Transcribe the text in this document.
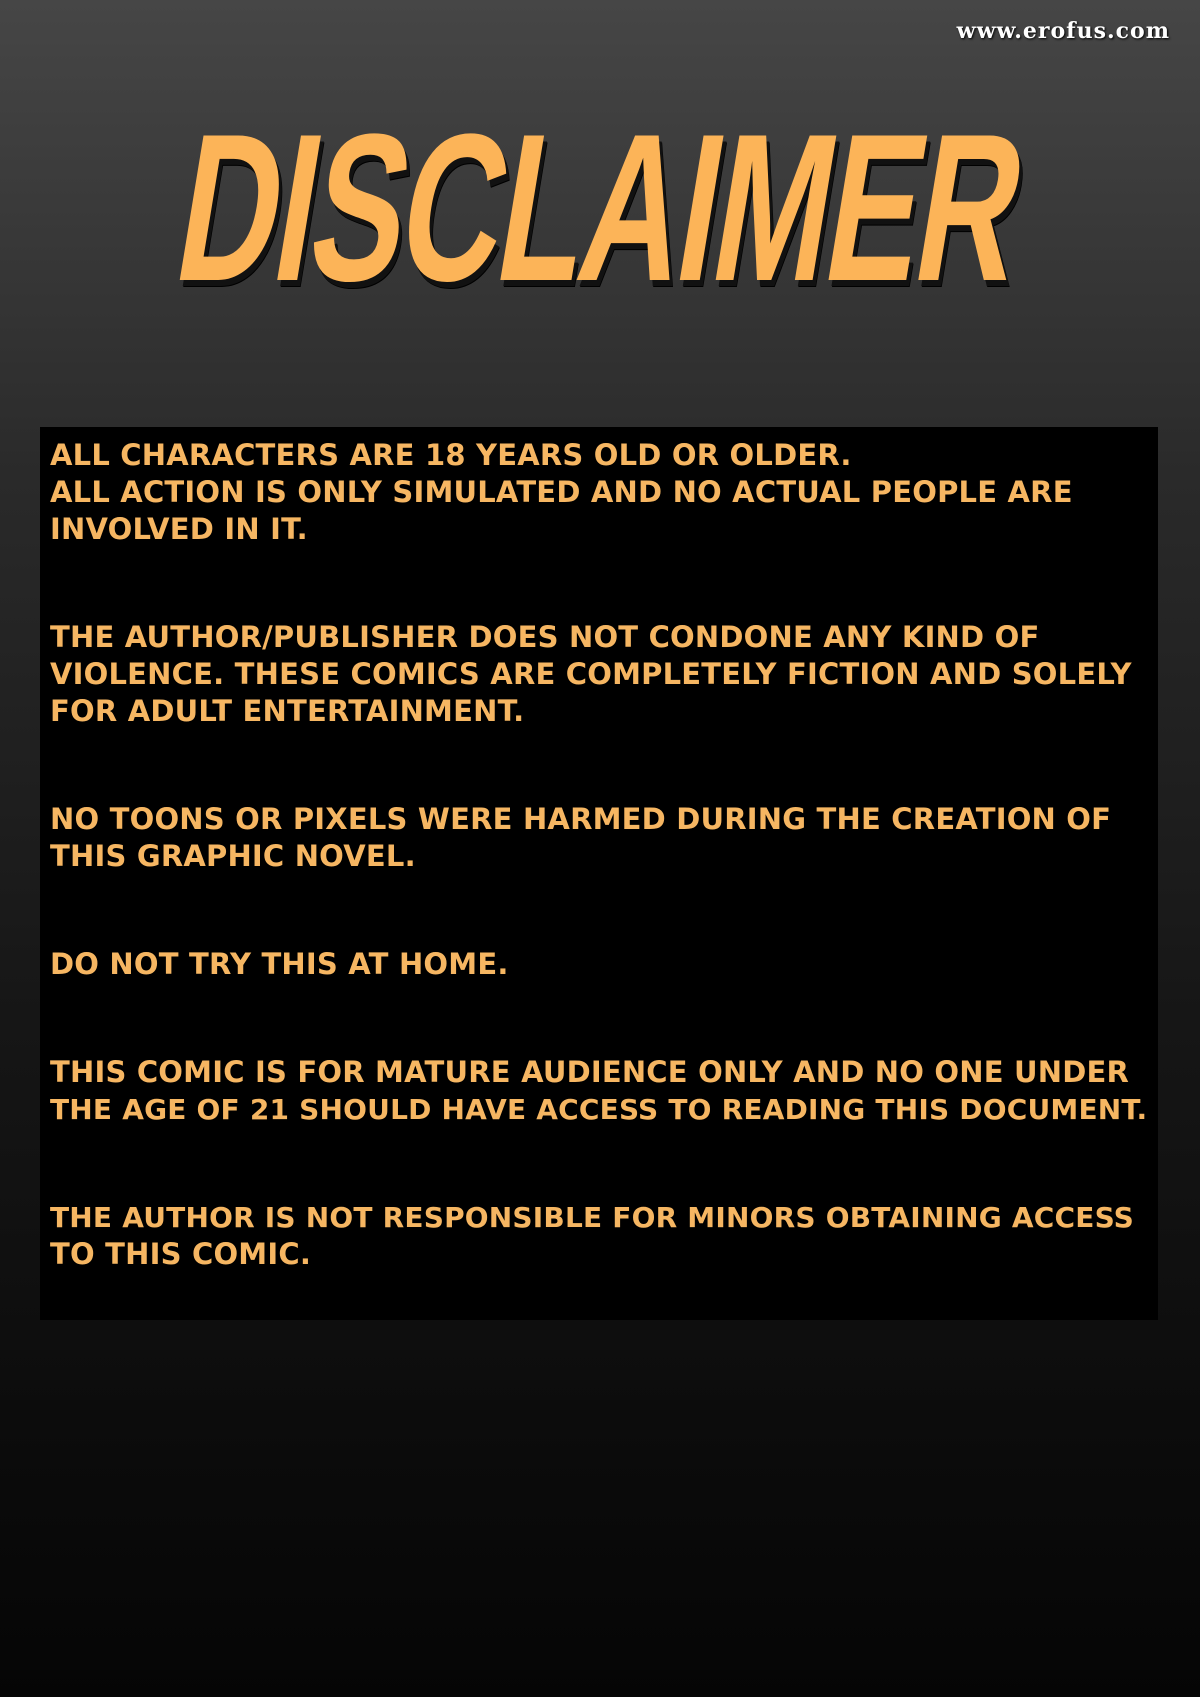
www.erofus.com
DISCLAIMER

ALL CHARACTERS ARE 18 YEARS OLD OR OLDER.
ALL ACTION IS ONLY SIMULATED AND NO ACTUAL PEOPLE ARE
INVOLVED IN IT.

THE AUTHOR/PUBLISHER DOES NOT CONDONE ANY KIND OF
VIOLENCE. THESE COMICS ARE COMPLETELY FICTION AND SOLELY
FOR ADULT ENTERTAINMENT.

NO TOONS OR PIXELS WERE HARMED DURING THE CREATION OF
THIS GRAPHIC NOVEL.

DO NOT TRY THIS AT HOME.

THIS COMIC IS FOR MATURE AUDIENCE ONLY AND NO ONE UNDER
THE AGE OF 21 SHOULD HAVE ACCESS TO READING THIS DOCUMENT.

THE AUTHOR IS NOT RESPONSIBLE FOR MINORS OBTAINING ACCESS
TO THIS COMIC.
